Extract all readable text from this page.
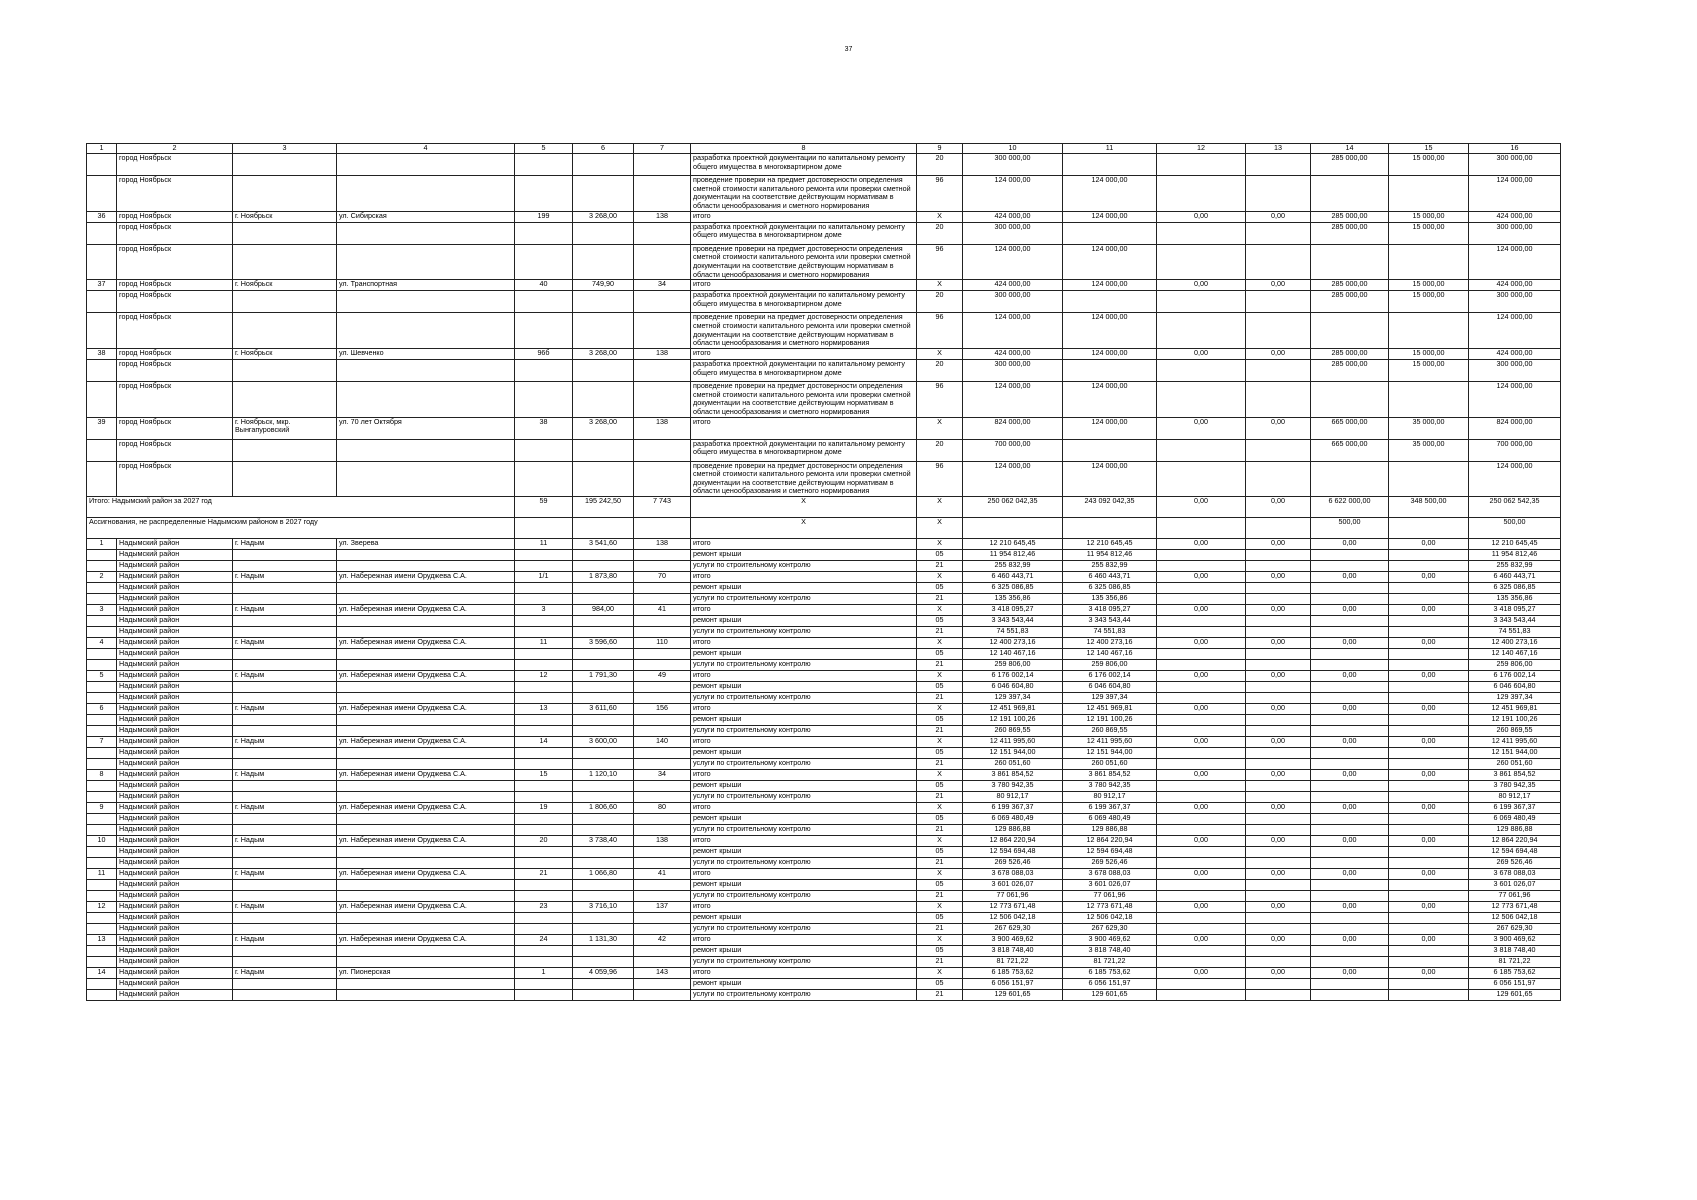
37
1	2	3	4	5	6	7	8	9	10	11	12	13	14	15	16
	город Ноябрьск						разработка проектной документации по капитальному ремонту общего имущества в многоквартирном доме	20	300 000,00				285 000,00	15 000,00	300 000,00
	город Ноябрьск						проведение проверки на предмет достоверности определения сметной стоимости капитального ремонта или проверки сметной документации на соответствие действующим нормативам в области ценообразования и сметного нормирования	96	124 000,00	124 000,00					124 000,00
36	город Ноябрьск	г. Ноябрьск	ул. Сибирская	199	3 268,00	138	итого	Х	424 000,00	124 000,00	0,00	0,00	285 000,00	15 000,00	424 000,00
	город Ноябрьск						разработка проектной документации по капитальному ремонту общего имущества в многоквартирном доме	20	300 000,00				285 000,00	15 000,00	300 000,00
	город Ноябрьск						проведение проверки на предмет достоверности определения сметной стоимости капитального ремонта или проверки сметной документации на соответствие действующим нормативам в области ценообразования и сметного нормирования	96	124 000,00	124 000,00					124 000,00
37	город Ноябрьск	г. Ноябрьск	ул. Транспортная	40	749,90	34	итого	Х	424 000,00	124 000,00	0,00	0,00	285 000,00	15 000,00	424 000,00
	город Ноябрьск						разработка проектной документации по капитальному ремонту общего имущества в многоквартирном доме	20	300 000,00				285 000,00	15 000,00	300 000,00
	город Ноябрьск						проведение проверки на предмет достоверности определения сметной стоимости капитального ремонта или проверки сметной документации на соответствие действующим нормативам в области ценообразования и сметного нормирования	96	124 000,00	124 000,00					124 000,00
38	город Ноябрьск	г. Ноябрьск	ул. Шевченко	96б	3 268,00	138	итого	Х	424 000,00	124 000,00	0,00	0,00	285 000,00	15 000,00	424 000,00
	город Ноябрьск						разработка проектной документации по капитальному ремонту общего имущества в многоквартирном доме	20	300 000,00				285 000,00	15 000,00	300 000,00
	город Ноябрьск						проведение проверки на предмет достоверности определения сметной стоимости капитального ремонта или проверки сметной документации на соответствие действующим нормативам в области ценообразования и сметного нормирования	96	124 000,00	124 000,00					124 000,00
39	город Ноябрьск	г. Ноябрьск, мкр. Вынгапуровский	ул. 70 лет Октября	38	3 268,00	138	итого	Х	824 000,00	124 000,00	0,00	0,00	665 000,00	35 000,00	824 000,00
	город Ноябрьск						разработка проектной документации по капитальному ремонту общего имущества в многоквартирном доме	20	700 000,00				665 000,00	35 000,00	700 000,00
	город Ноябрьск						проведение проверки на предмет достоверности определения сметной стоимости капитального ремонта или проверки сметной документации на соответствие действующим нормативам в области ценообразования и сметного нормирования	96	124 000,00	124 000,00					124 000,00
Итого: Надымский район за 2027 год				59	195 242,50	7 743	Х	Х	250 062 042,35	243 092 042,35	0,00	0,00	6 622 000,00	348 500,00	250 062 542,35
Ассигнования, не распределенные Надымским районом в 2027 году							Х	Х					500,00		500,00
1	Надымский район	г. Надым	ул. Зверева	11	3 541,60	138	итого	Х	12 210 645,45	12 210 645,45	0,00	0,00	0,00	0,00	12 210 645,45
	Надымский район						ремонт крыши	05	11 954 812,46	11 954 812,46					11 954 812,46
	Надымский район						услуги по строительному контролю	21	255 832,99	255 832,99					255 832,99
2	Надымский район	г. Надым	ул. Набережная имени Оруджева С.А.	1/1	1 873,80	70	итого	Х	6 460 443,71	6 460 443,71	0,00	0,00	0,00	0,00	6 460 443,71
	Надымский район						ремонт крыши	05	6 325 086,85	6 325 086,85					6 325 086,85
	Надымский район						услуги по строительному контролю	21	135 356,86	135 356,86					135 356,86
3	Надымский район	г. Надым	ул. Набережная имени Оруджева С.А.	3	984,00	41	итого	Х	3 418 095,27	3 418 095,27	0,00	0,00	0,00	0,00	3 418 095,27
	Надымский район						ремонт крыши	05	3 343 543,44	3 343 543,44					3 343 543,44
	Надымский район						услуги по строительному контролю	21	74 551,83	74 551,83					74 551,83
4	Надымский район	г. Надым	ул. Набережная имени Оруджева С.А.	11	3 596,60	110	итого	Х	12 400 273,16	12 400 273,16	0,00	0,00	0,00	0,00	12 400 273,16
	Надымский район						ремонт крыши	05	12 140 467,16	12 140 467,16					12 140 467,16
	Надымский район						услуги по строительному контролю	21	259 806,00	259 806,00					259 806,00
5	Надымский район	г. Надым	ул. Набережная имени Оруджева С.А.	12	1 791,30	49	итого	Х	6 176 002,14	6 176 002,14	0,00	0,00	0,00	0,00	6 176 002,14
	Надымский район						ремонт крыши	05	6 046 604,80	6 046 604,80					6 046 604,80
	Надымский район						услуги по строительному контролю	21	129 397,34	129 397,34					129 397,34
6	Надымский район	г. Надым	ул. Набережная имени Оруджева С.А.	13	3 611,60	156	итого	Х	12 451 969,81	12 451 969,81	0,00	0,00	0,00	0,00	12 451 969,81
	Надымский район						ремонт крыши	05	12 191 100,26	12 191 100,26					12 191 100,26
	Надымский район						услуги по строительному контролю	21	260 869,55	260 869,55					260 869,55
7	Надымский район	г. Надым	ул. Набережная имени Оруджева С.А.	14	3 600,00	140	итого	Х	12 411 995,60	12 411 995,60	0,00	0,00	0,00	0,00	12 411 995,60
	Надымский район						ремонт крыши	05	12 151 944,00	12 151 944,00					12 151 944,00
	Надымский район						услуги по строительному контролю	21	260 051,60	260 051,60					260 051,60
8	Надымский район	г. Надым	ул. Набережная имени Оруджева С.А.	15	1 120,10	34	итого	Х	3 861 854,52	3 861 854,52	0,00	0,00	0,00	0,00	3 861 854,52
	Надымский район						ремонт крыши	05	3 780 942,35	3 780 942,35					3 780 942,35
	Надымский район						услуги по строительному контролю	21	80 912,17	80 912,17					80 912,17
9	Надымский район	г. Надым	ул. Набережная имени Оруджева С.А.	19	1 806,60	80	итого	Х	6 199 367,37	6 199 367,37	0,00	0,00	0,00	0,00	6 199 367,37
	Надымский район						ремонт крыши	05	6 069 480,49	6 069 480,49					6 069 480,49
	Надымский район						услуги по строительному контролю	21	129 886,88	129 886,88					129 886,88
10	Надымский район	г. Надым	ул. Набережная имени Оруджева С.А.	20	3 738,40	138	итого	Х	12 864 220,94	12 864 220,94	0,00	0,00	0,00	0,00	12 864 220,94
	Надымский район						ремонт крыши	05	12 594 694,48	12 594 694,48					12 594 694,48
	Надымский район						услуги по строительному контролю	21	269 526,46	269 526,46					269 526,46
11	Надымский район	г. Надым	ул. Набережная имени Оруджева С.А.	21	1 066,80	41	итого	Х	3 678 088,03	3 678 088,03	0,00	0,00	0,00	0,00	3 678 088,03
	Надымский район						ремонт крыши	05	3 601 026,07	3 601 026,07					3 601 026,07
	Надымский район						услуги по строительному контролю	21	77 061,96	77 061,96					77 061,96
12	Надымский район	г. Надым	ул. Набережная имени Оруджева С.А.	23	3 716,10	137	итого	Х	12 773 671,48	12 773 671,48	0,00	0,00	0,00	0,00	12 773 671,48
	Надымский район						ремонт крыши	05	12 506 042,18	12 506 042,18					12 506 042,18
	Надымский район						услуги по строительному контролю	21	267 629,30	267 629,30					267 629,30
13	Надымский район	г. Надым	ул. Набережная имени Оруджева С.А.	24	1 131,30	42	итого	Х	3 900 469,62	3 900 469,62	0,00	0,00	0,00	0,00	3 900 469,62
	Надымский район						ремонт крыши	05	3 818 748,40	3 818 748,40					3 818 748,40
	Надымский район						услуги по строительному контролю	21	81 721,22	81 721,22					81 721,22
14	Надымский район	г. Надым	ул. Пионерская	1	4 059,96	143	итого	Х	6 185 753,62	6 185 753,62	0,00	0,00	0,00	0,00	6 185 753,62
	Надымский район						ремонт крыши	05	6 056 151,97	6 056 151,97					6 056 151,97
	Надымский район						услуги по строительному контролю	21	129 601,65	129 601,65					129 601,65
